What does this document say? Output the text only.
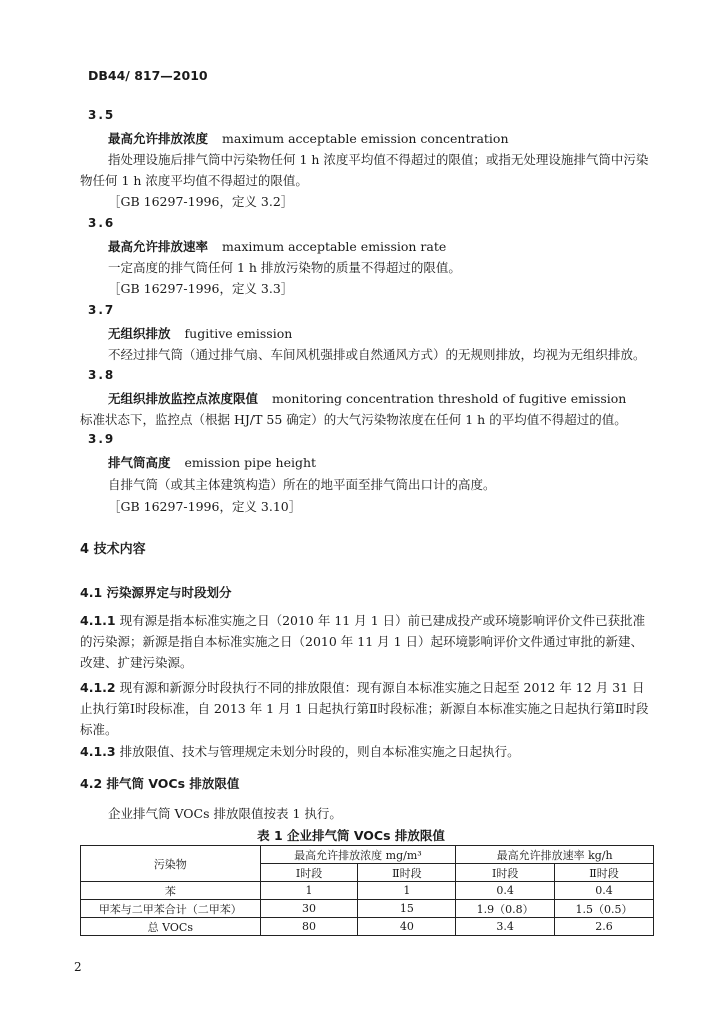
DB44/ 817—2010
3.5
最高允许排放浓度 maximum acceptable emission concentration
指处理设施后排气筒中污染物任何 1 h 浓度平均值不得超过的限值；或指无处理设施排气筒中污染
物任何 1 h 浓度平均值不得超过的限值。
［GB 16297-1996，定义 3.2］
3.6
最高允许排放速率 maximum acceptable emission rate
一定高度的排气筒任何 1 h 排放污染物的质量不得超过的限值。
［GB 16297-1996，定义 3.3］
3.7
无组织排放 fugitive emission
不经过排气筒（通过排气扇、车间风机强排或自然通风方式）的无规则排放，均视为无组织排放。
3.8
无组织排放监控点浓度限值 monitoring concentration threshold of fugitive emission
标准状态下，监控点（根据 HJ/T 55 确定）的大气污染物浓度在任何 1 h 的平均值不得超过的值。
3.9
排气筒高度 emission pipe height
自排气筒（或其主体建筑构造）所在的地平面至排气筒出口计的高度。
［GB 16297-1996，定义 3.10］
4 技术内容
4.1 污染源界定与时段划分
4.1.1 现有源是指本标准实施之日（2010 年 11 月 1 日）前已建成投产或环境影响评价文件已获批准的污染源；新源是指自本标准实施之日（2010 年 11 月 1 日）起环境影响评价文件通过审批的新建、改建、扩建污染源。
4.1.2 现有源和新源分时段执行不同的排放限值：现有源自本标准实施之日起至 2012 年 12 月 31 日止执行第Ⅰ时段标准，自 2013 年 1 月 1 日起执行第Ⅱ时段标准；新源自本标准实施之日起执行第Ⅱ时段标准。
4.1.3 排放限值、技术与管理规定未划分时段的，则自本标准实施之日起执行。
4.2 排气筒 VOCs 排放限值
企业排气筒 VOCs 排放限值按表 1 执行。
表 1 企业排气筒 VOCs 排放限值
污染物	最高允许排放浓度 mg/m³		最高允许排放速率 kg/h	
	Ⅰ时段	Ⅱ时段	Ⅰ时段	Ⅱ时段
苯	1	1	0.4	0.4
甲苯与二甲苯合计（二甲苯）	30	15	1.9（0.8）	1.5（0.5）
总 VOCs	80	40	3.4	2.6
2
